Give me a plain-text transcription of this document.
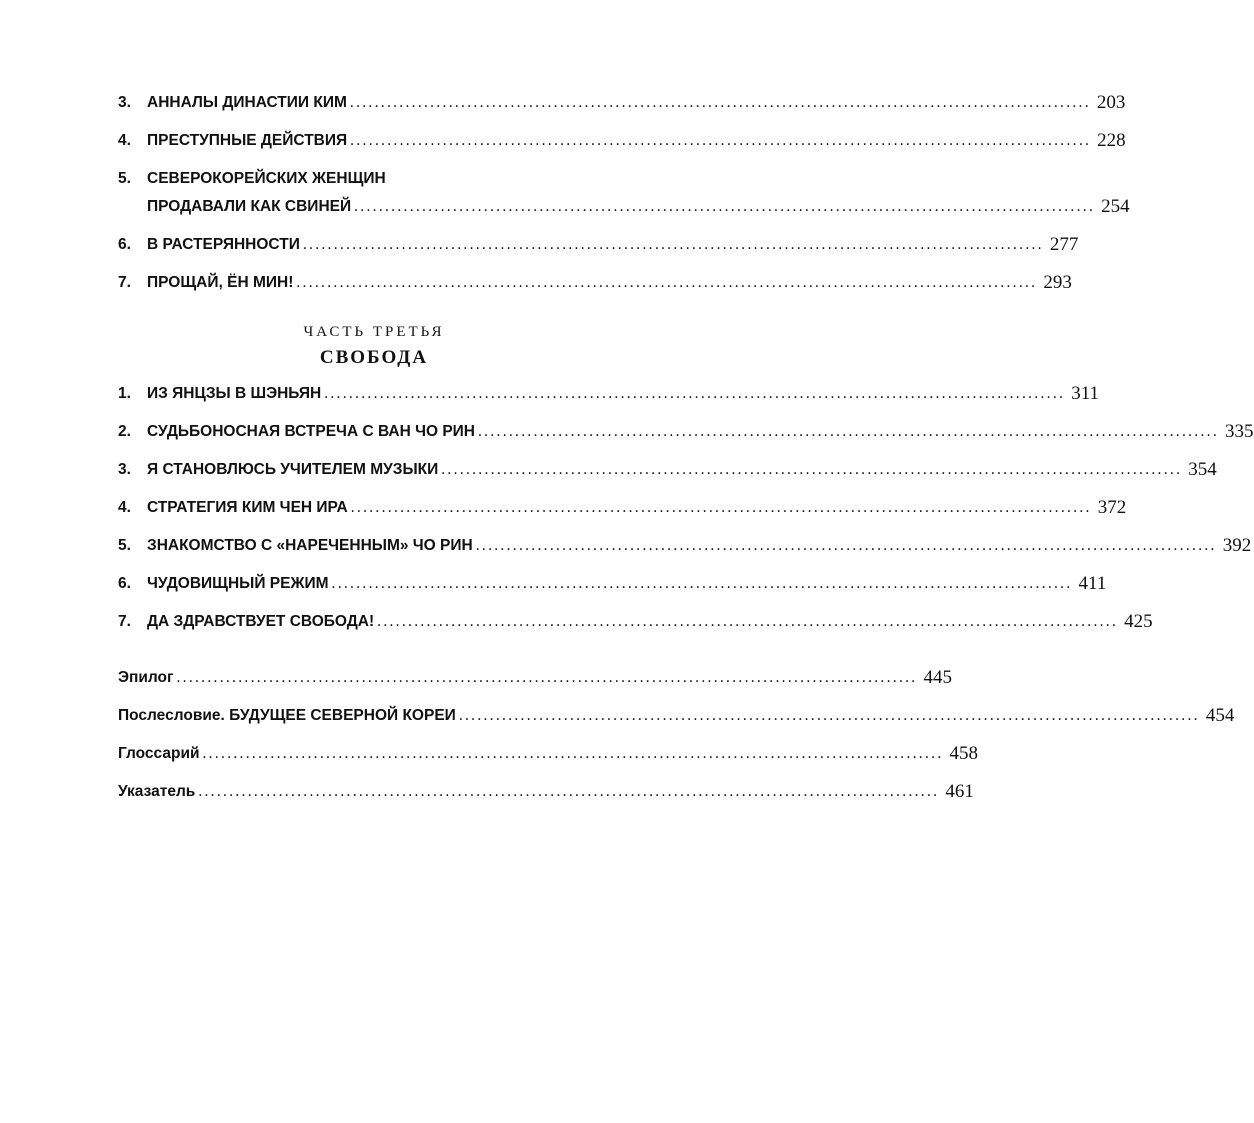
3.	АННАЛЫ ДИНАСТИИ КИМ ........................................................................................................................ 203
4.	ПРЕСТУПНЫЕ ДЕЙСТВИЯ ........................................................................................................................ 228
5.	СЕВЕРОКОРЕЙСКИХ ЖЕНЩИН
ПРОДАВАЛИ КАК СВИНЕЙ ........................................................................................................................ 254
6.	В РАСТЕРЯННОСТИ ........................................................................................................................ 277
7.	ПРОЩАЙ, ЁН МИН! ........................................................................................................................ 293
ЧАСТЬ ТРЕТЬЯ
СВОБОДА
1.	ИЗ ЯНЦЗЫ В ШЭНЬЯН ........................................................................................................................ 311
2.	СУДЬБОНОСНАЯ ВСТРЕЧА С ВАН ЧО РИН ........................................................................................................................ 335
3.	Я СТАНОВЛЮСЬ УЧИТЕЛЕМ МУЗЫКИ ........................................................................................................................ 354
4.	СТРАТЕГИЯ КИМ ЧЕН ИРА ........................................................................................................................ 372
5.	ЗНАКОМСТВО С «НАРЕЧЕННЫМ» ЧО РИН ........................................................................................................................ 392
6.	ЧУДОВИЩНЫЙ РЕЖИМ ........................................................................................................................ 411
7.	ДА ЗДРАВСТВУЕТ СВОБОДА! ........................................................................................................................ 425
Эпилог ........................................................................................................................ 445
Послесловие. БУДУЩЕЕ СЕВЕРНОЙ КОРЕИ ........................................................................................................................ 454
Глоссарий ........................................................................................................................ 458
Указатель ........................................................................................................................ 461
